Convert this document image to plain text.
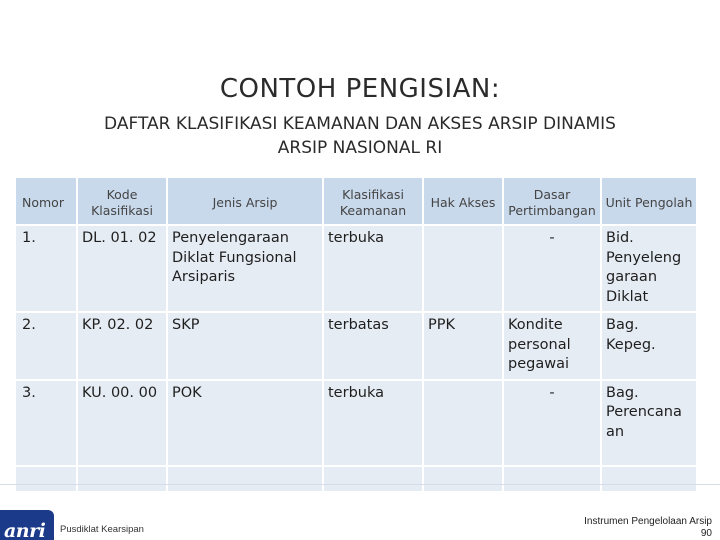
CONTOH PENGISIAN:
DAFTAR KLASIFIKASI KEAMANAN DAN AKSES ARSIP DINAMIS
ARSIP NASIONAL RI
Nomor	Kode Klasifikasi	Jenis Arsip	Klasifikasi Keamanan	Hak Akses	Dasar Pertimbangan	Unit Pengolah
1.	DL. 01. 02	Penyelengaraan Diklat Fungsional Arsiparis	terbuka		-	Bid. Penyeleng garaan Diklat
2.	KP. 02. 02	SKP	terbatas	PPK	Kondite personal pegawai	Bag. Kepeg.
3.	KU. 00. 00	POK	terbuka		-	Bag. Perencana an

anri Pusdiklat Kearsipan
Instrumen Pengelolaan Arsip
90
